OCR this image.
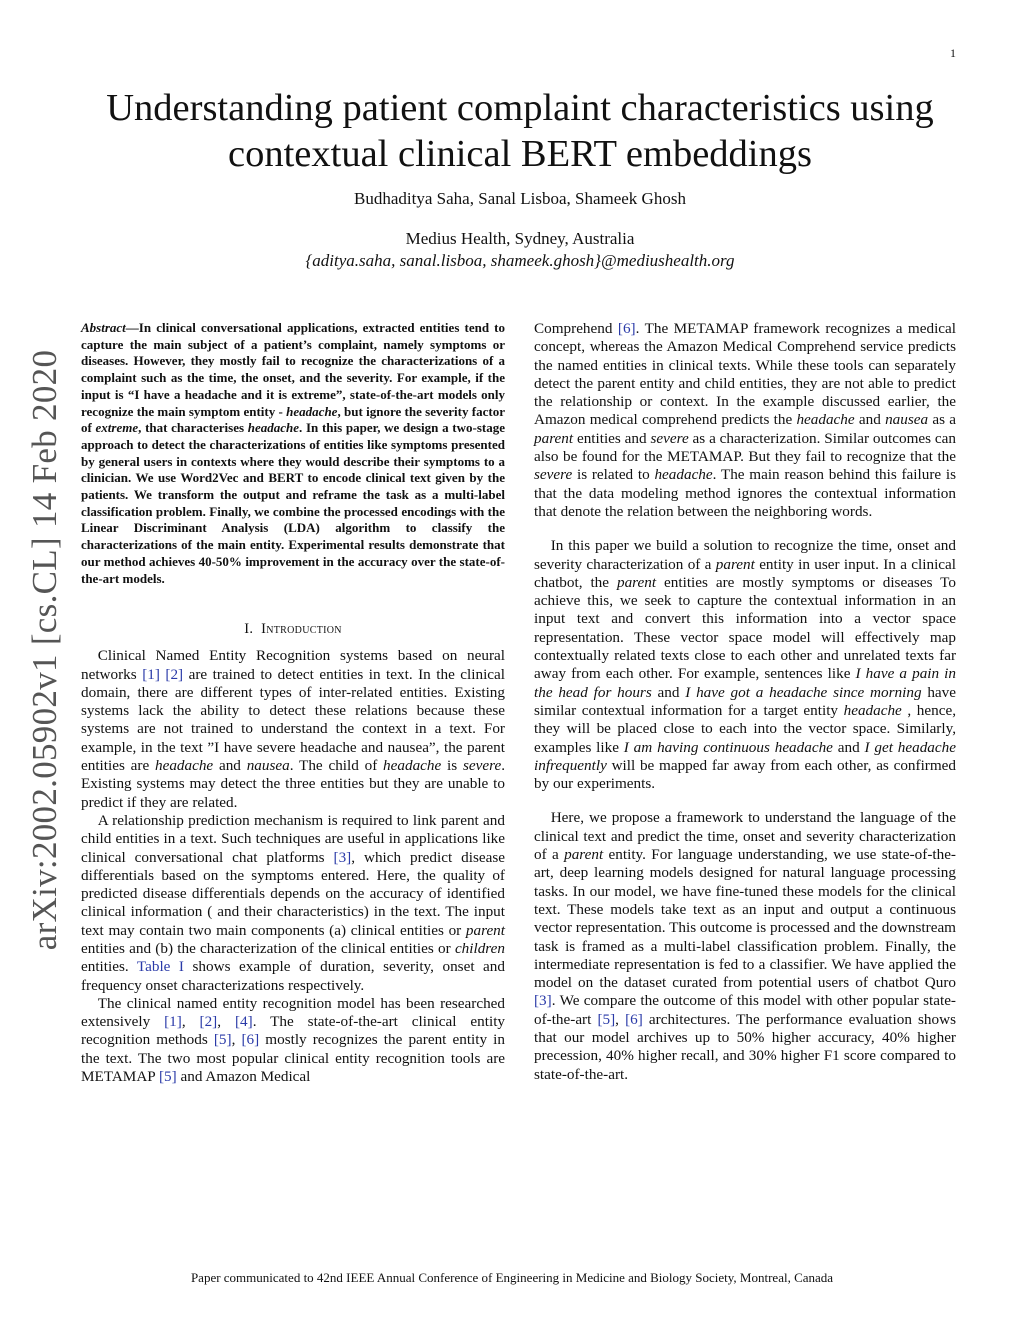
1
arXiv:2002.05902v1 [cs.CL] 14 Feb 2020
Understanding patient complaint characteristics using contextual clinical BERT embeddings
Budhaditya Saha, Sanal Lisboa, Shameek Ghosh
Medius Health, Sydney, Australia
{aditya.saha, sanal.lisboa, shameek.ghosh}@mediushealth.org

Abstract—In clinical conversational applications, extracted entities tend to capture the main subject of a patient’s complaint, namely symptoms or diseases. However, they mostly fail to recognize the characterizations of a complaint such as the time, the onset, and the severity. For example, if the input is “I have a headache and it is extreme”, state-of-the-art models only recognize the main symptom entity - headache, but ignore the severity factor of extreme, that characterises headache. In this paper, we design a two-stage approach to detect the characterizations of entities like symptoms presented by general users in contexts where they would describe their symptoms to a clinician. We use Word2Vec and BERT to encode clinical text given by the patients. We transform the output and reframe the task as a multi-label classification problem. Finally, we combine the processed encodings with the Linear Discriminant Analysis (LDA) algorithm to classify the characterizations of the main entity. Experimental results demonstrate that our method achieves 40-50% improvement in the accuracy over the state-of-the-art models.

I. Introduction

Clinical Named Entity Recognition systems based on neural networks [1] [2] are trained to detect entities in text. In the clinical domain, there are different types of inter-related entities. Existing systems lack the ability to detect these relations because these systems are not trained to understand the context in a text. For example, in the text ”I have severe headache and nausea”, the parent entities are headache and nausea. The child of headache is severe. Existing systems may detect the three entities but they are unable to predict if they are related.

A relationship prediction mechanism is required to link parent and child entities in a text. Such techniques are useful in applications like clinical conversational chat platforms [3], which predict disease differentials based on the symptoms entered. Here, the quality of predicted disease differentials depends on the accuracy of identified clinical information ( and their characteristics) in the text. The input text may contain two main components (a) clinical entities or parent entities and (b) the characterization of the clinical entities or children entities. Table I shows example of duration, severity, onset and frequency onset characterizations respectively.

The clinical named entity recognition model has been researched extensively [1], [2], [4]. The state-of-the-art clinical entity recognition methods [5], [6] mostly recognizes the parent entity in the text. The two most popular clinical entity recognition tools are METAMAP [5] and Amazon Medical

Comprehend [6]. The METAMAP framework recognizes a medical concept, whereas the Amazon Medical Comprehend service predicts the named entities in clinical texts. While these tools can separately detect the parent entity and child entities, they are not able to predict the relationship or context. In the example discussed earlier, the Amazon medical comprehend predicts the headache and nausea as a parent entities and severe as a characterization. Similar outcomes can also be found for the METAMAP. But they fail to recognize that the severe is related to headache. The main reason behind this failure is that the data modeling method ignores the contextual information that denote the relation between the neighboring words.

In this paper we build a solution to recognize the time, onset and severity characterization of a parent entity in user input. In a clinical chatbot, the parent entities are mostly symptoms or diseases To achieve this, we seek to capture the contextual information in an input text and convert this information into a vector space representation. These vector space model will effectively map contextually related texts close to each other and unrelated texts far away from each other. For example, sentences like I have a pain in the head for hours and I have got a headache since morning have similar contextual information for a target entity headache , hence, they will be placed close to each into the vector space. Similarly, examples like I am having continuous headache and I get headache infrequently will be mapped far away from each other, as confirmed by our experiments.

Here, we propose a framework to understand the language of the clinical text and predict the time, onset and severity characterization of a parent entity. For language understanding, we use state-of-the-art, deep learning models designed for natural language processing tasks. In our model, we have fine-tuned these models for the clinical text. These models take text as an input and output a continuous vector representation. This outcome is processed and the downstream task is framed as a multi-label classification problem. Finally, the intermediate representation is fed to a classifier. We have applied the model on the dataset curated from potential users of chatbot Quro [3]. We compare the outcome of this model with other popular state-of-the-art [5], [6] architectures. The performance evaluation shows that our model archives up to 50% higher accuracy, 40% higher precession, 40% higher recall, and 30% higher F1 score compared to state-of-the-art.

Paper communicated to 42nd IEEE Annual Conference of Engineering in Medicine and Biology Society, Montreal, Canada
